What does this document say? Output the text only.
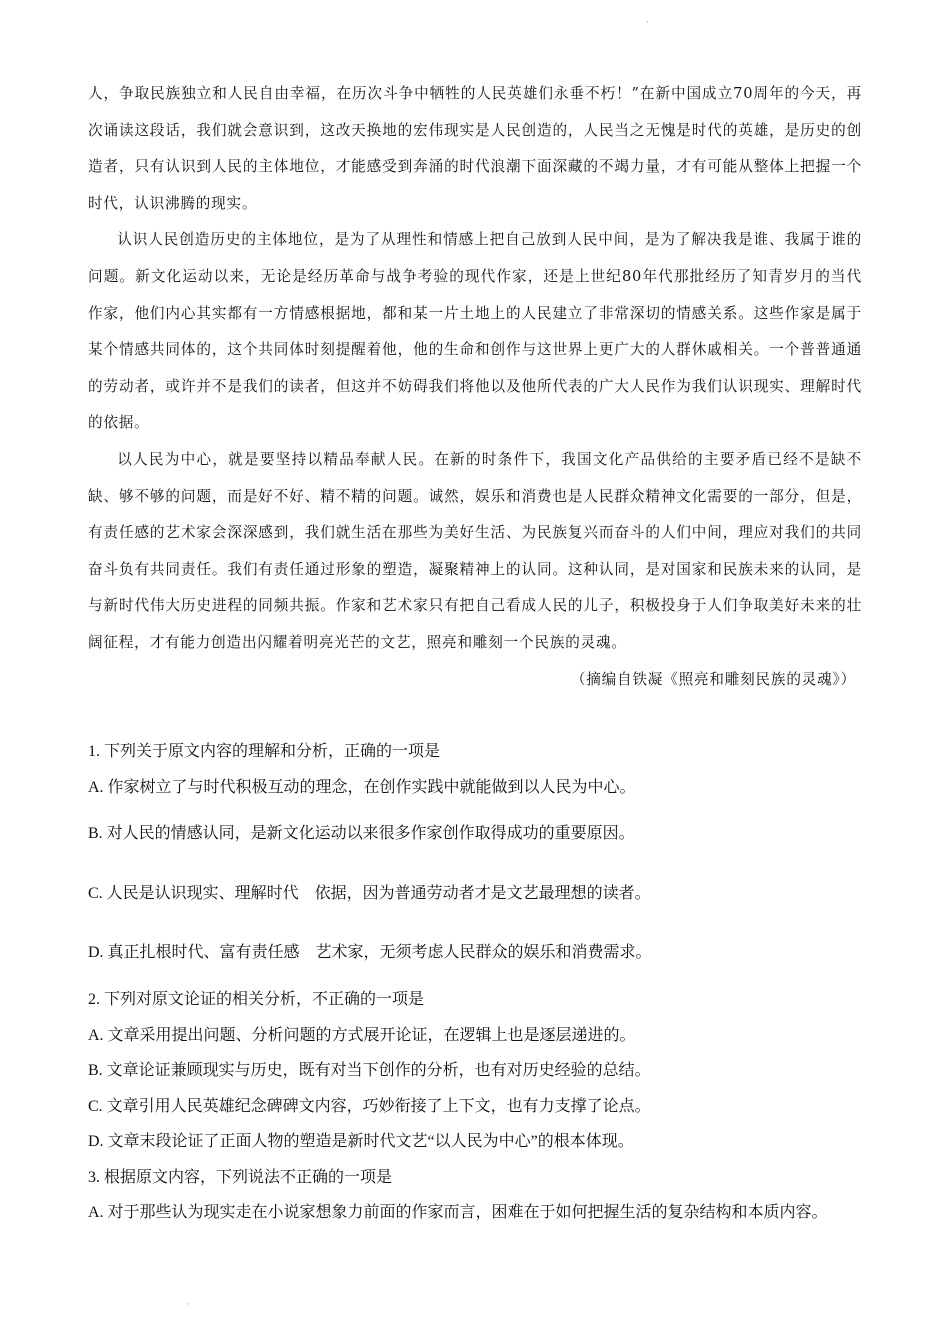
·

人，争取民族独立和人民自由幸福，在历次斗争中牺牲的人民英雄们永垂不朽！”在新中国成立70周年的今天，再次诵读这段话，我们就会意识到，这改天换地的宏伟现实是人民创造的，人民当之无愧是时代的英雄，是历史的创造者，只有认识到人民的主体地位，才能感受到奔涌的时代浪潮下面深藏的不竭力量，才有可能从整体上把握一个时代，认识沸腾的现实。

认识人民创造历史的主体地位，是为了从理性和情感上把自己放到人民中间，是为了解决我是谁、我属于谁的问题。新文化运动以来，无论是经历革命与战争考验的现代作家，还是上世纪80年代那批经历了知青岁月的当代作家，他们内心其实都有一方情感根据地，都和某一片土地上的人民建立了非常深切的情感关系。这些作家是属于某个情感共同体的，这个共同体时刻提醒着他，他的生命和创作与这世界上更广大的人群休戚相关。一个普普通通的劳动者，或许并不是我们的读者，但这并不妨碍我们将他以及他所代表的广大人民作为我们认识现实、理解时代的依据。

以人民为中心，就是要坚持以精品奉献人民。在新的时条件下，我国文化产品供给的主要矛盾已经不是缺不缺、够不够的问题，而是好不好、精不精的问题。诚然，娱乐和消费也是人民群众精神文化需要的一部分，但是，有责任感的艺术家会深深感到，我们就生活在那些为美好生活、为民族复兴而奋斗的人们中间，理应对我们的共同奋斗负有共同责任。我们有责任通过形象的塑造，凝聚精神上的认同。这种认同，是对国家和民族未来的认同，是与新时代伟大历史进程的同频共振。作家和艺术家只有把自己看成人民的儿子，积极投身于人们争取美好未来的壮阔征程，才有能力创造出闪耀着明亮光芒的文艺，照亮和雕刻一个民族的灵魂。

（摘编自铁凝《照亮和雕刻民族的灵魂》）

1. 下列关于原文内容的理解和分析，正确的一项是

A. 作家树立了与时代积极互动的理念，在创作实践中就能做到以人民为中心。

B. 对人民的情感认同，是新文化运动以来很多作家创作取得成功的重要原因。

C. 人民是认识现实、理解时代　依据，因为普通劳动者才是文艺最理想的读者。

D. 真正扎根时代、富有责任感　艺术家，无须考虑人民群众的娱乐和消费需求。

2. 下列对原文论证的相关分析，不正确的一项是

A. 文章采用提出问题、分析问题的方式展开论证，在逻辑上也是逐层递进的。

B. 文章论证兼顾现实与历史，既有对当下创作的分析，也有对历史经验的总结。

C. 文章引用人民英雄纪念碑碑文内容，巧妙衔接了上下文，也有力支撑了论点。

D. 文章末段论证了正面人物的塑造是新时代文艺“以人民为中心”的根本体现。

3. 根据原文内容，下列说法不正确的一项是

A. 对于那些认为现实走在小说家想象力前面的作家而言，困难在于如何把握生活的复杂结构和本质内容。

·
